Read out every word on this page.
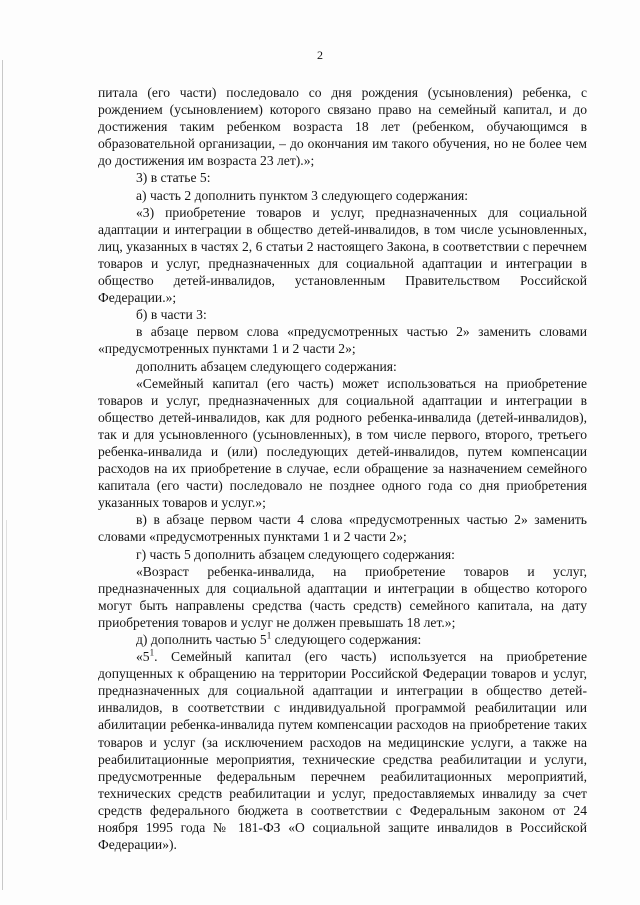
2

питала (его части) последовало со дня рождения (усыновления) ребенка, с рождением (усыновлением) которого связано право на семейный капитал, и до достижения таким ребенком возраста 18 лет (ребенком, обучающимся в образовательной организации, – до окончания им такого обучения, но не более чем до достижения им возраста 23 лет).»;

3) в статье 5:

а) часть 2 дополнить пунктом 3 следующего содержания:

«3) приобретение товаров и услуг, предназначенных для социальной адаптации и интеграции в общество детей-инвалидов, в том числе усыновленных, лиц, указанных в частях 2, 6 статьи 2 настоящего Закона, в соответствии с перечнем товаров и услуг, предназначенных для социальной адаптации и интеграции в общество детей-инвалидов, установленным Правительством Российской Федерации.»;

б) в части 3:

в абзаце первом слова «предусмотренных частью 2» заменить словами «предусмотренных пунктами 1 и 2 части 2»;

дополнить абзацем следующего содержания:

«Семейный капитал (его часть) может использоваться на приобретение товаров и услуг, предназначенных для социальной адаптации и интеграции в общество детей-инвалидов, как для родного ребенка-инвалида (детей-инвалидов), так и для усыновленного (усыновленных), в том числе первого, второго, третьего ребенка-инвалида и (или) последующих детей-инвалидов, путем компенсации расходов на их приобретение в случае, если обращение за назначением семейного капитала (его части) последовало не позднее одного года со дня приобретения указанных товаров и услуг.»;

в) в абзаце первом части 4 слова «предусмотренных частью 2» заменить словами «предусмотренных пунктами 1 и 2 части 2»;

г) часть 5 дополнить абзацем следующего содержания:

«Возраст ребенка-инвалида, на приобретение товаров и услуг, предназначенных для социальной адаптации и интеграции в общество которого могут быть направлены средства (часть средств) семейного капитала, на дату приобретения товаров и услуг не должен превышать 18 лет.»;

д) дополнить частью $5^1$ следующего содержания:

«$5^1$. Семейный капитал (его часть) используется на приобретение допущенных к обращению на территории Российской Федерации товаров и услуг, предназначенных для социальной адаптации и интеграции в общество детей-инвалидов, в соответствии с индивидуальной программой реабилитации или абилитации ребенка-инвалида путем компенсации расходов на приобретение таких товаров и услуг (за исключением расходов на медицинские услуги, а также на реабилитационные мероприятия, технические средства реабилитации и услуги, предусмотренные федеральным перечнем реабилитационных мероприятий, технических средств реабилитации и услуг, предоставляемых инвалиду за счет средств федерального бюджета в соответствии с Федеральным законом от 24 ноября 1995 года № 181-ФЗ «О социальной защите инвалидов в Российской Федерации»).
